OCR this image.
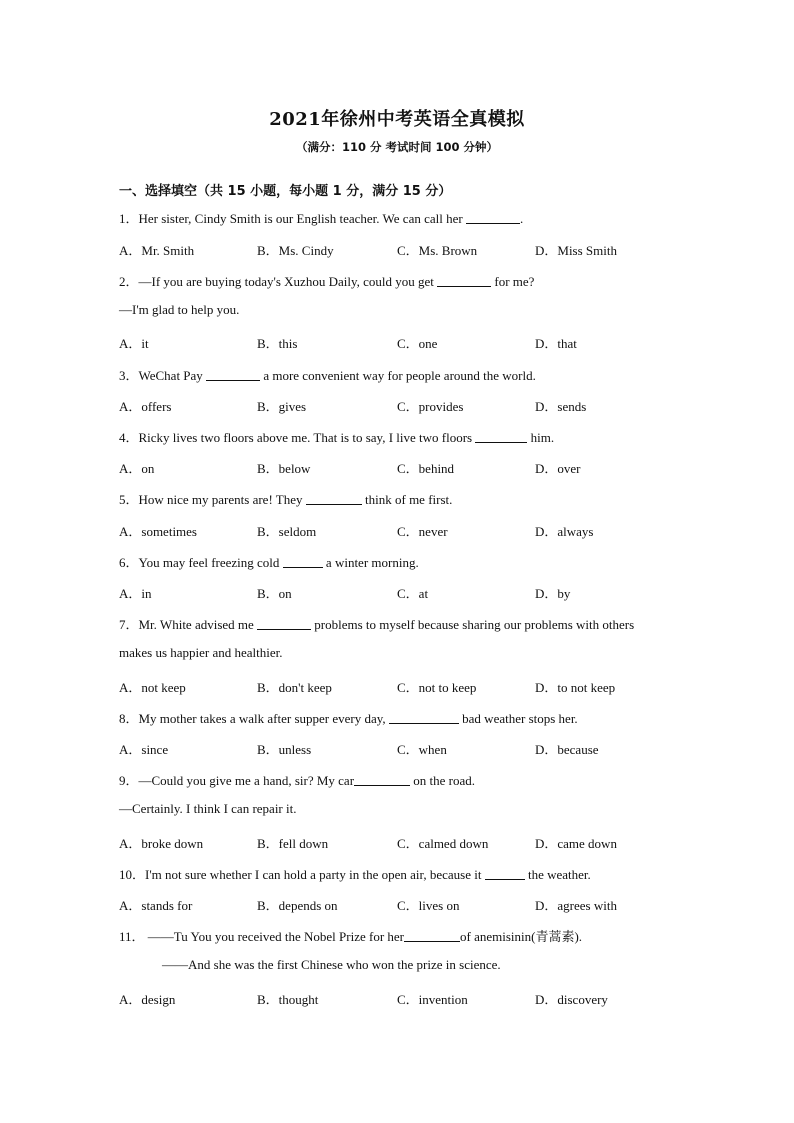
2021年徐州中考英语全真模拟
（满分：110 分 考试时间 100 分钟）
一、选择填空（共 15 小题，每小题 1 分，满分 15 分）
1．Her sister, Cindy Smith is our English teacher. We can call her	.
A．Mr. Smith	B．Ms. Cindy	C．Ms. Brown	D．Miss Smith
2．—If you are buying today's Xuzhou Daily, could you get	for me?
—I'm glad to help you.
A．it	B．this	C．one	D．that
3．WeChat Pay	a more convenient way for people around the world.
A．offers	B．gives	C．provides	D．sends
4．Ricky lives two floors above me. That is to say, I live two floors	him.
A．on	B．below	C．behind	D．over
5．How nice my parents are! They	think of me first.
A．sometimes	B．seldom	C．never	D．always
6．You may feel freezing cold	a winter morning.
A．in	B．on	C．at	D．by
7．Mr. White advised me	problems to myself because sharing our problems with others
makes us happier and healthier.
A．not keep	B．don't keep	C．not to keep	D．to not keep
8．My mother takes a walk after supper every day,	bad weather stops her.
A．since	B．unless	C．when	D．because
9．—Could you give me a hand, sir? My car	on the road.
—Certainly. I think I can repair it.
A．broke down	B．fell down	C．calmed down	D．came down
10．I'm not sure whether I can hold a party in the open air, because it	the weather.
A．stands for	B．depends on	C．lives on	D．agrees with
11． ——Tu You you received the Nobel Prize for her	of anemisinin(青蒿素).
——And she was the first Chinese who won the prize in science.
A．design	B．thought	C．invention	D．discovery
